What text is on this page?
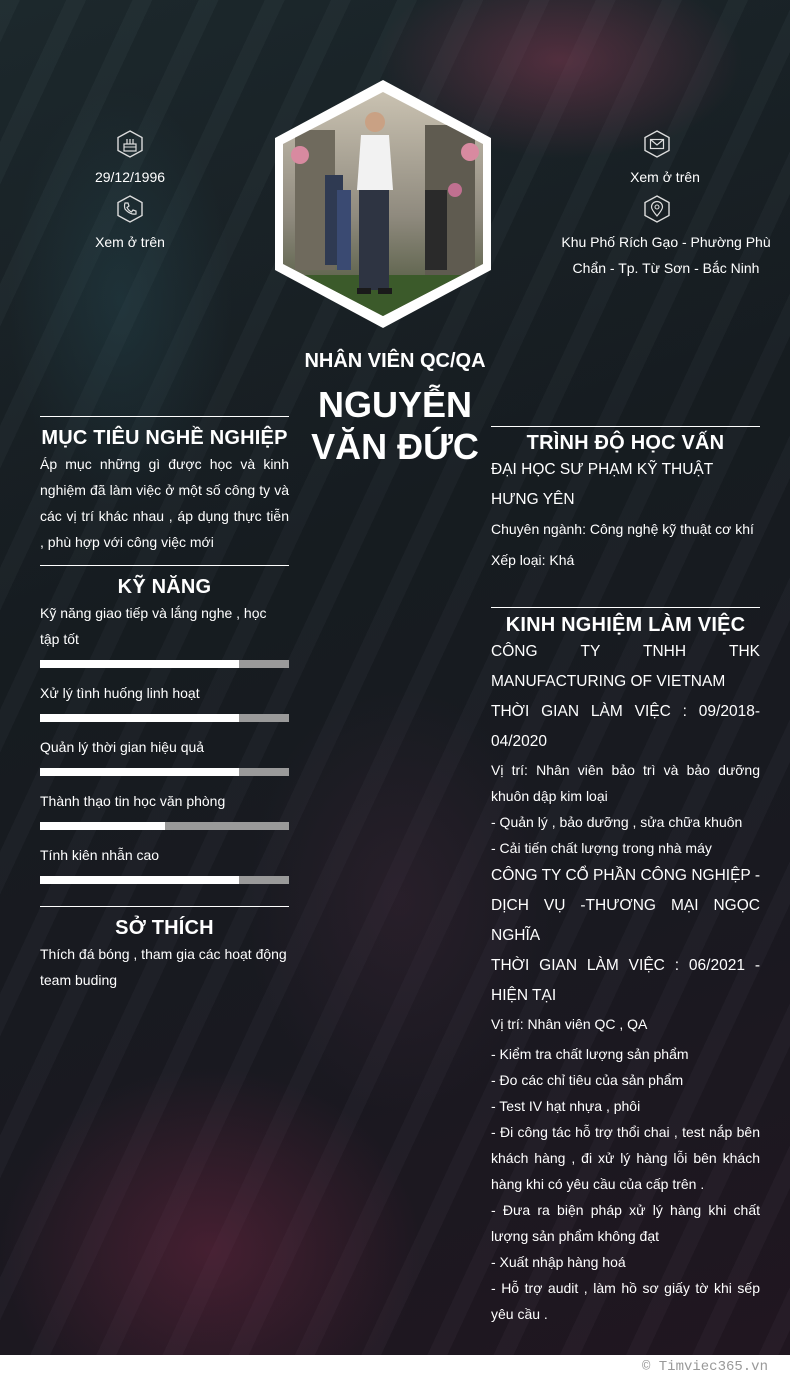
29/12/1996
Xem ở trên
Xem ở trên
Khu Phố Rích Gạo - Phường Phù Chẩn - Tp. Từ Sơn - Bắc Ninh
NHÂN VIÊN QC/QA
NGUYỄN
VĂN ĐỨC
MỤC TIÊU NGHỀ NGHIỆP
Áp mục những gì được học và kinh nghiệm đã làm việc ở một số công ty và các vị trí khác nhau , áp dụng thực tiễn , phù hợp với công việc mới
KỸ NĂNG
Kỹ năng giao tiếp và lắng nghe , học tập tốt
Xử lý tình huống linh hoạt
Quản lý thời gian hiệu quả
Thành thạo tin học văn phòng
Tính kiên nhẫn cao
SỞ THÍCH
Thích đá bóng , tham gia các hoạt động team buding
TRÌNH ĐỘ HỌC VẤN
ĐẠI HỌC SƯ PHẠM KỸ THUẬT HƯNG YÊN
Chuyên ngành: Công nghệ kỹ thuật cơ khí
Xếp loại: Khá
KINH NGHIỆM LÀM VIỆC
CÔNG TY TNHH THK MANUFACTURING OF VIETNAM
THỜI GIAN LÀM VIỆC : 09/2018-04/2020
Vị trí: Nhân viên bảo trì và bảo dưỡng khuôn dập kim loại
- Quản lý , bảo dưỡng , sửa chữa khuôn
- Cải tiến chất lượng trong nhà máy
CÔNG TY CỔ PHẦN CÔNG NGHIỆP - DỊCH VỤ -THƯƠNG MẠI NGỌC NGHĨA
THỜI GIAN LÀM VIỆC : 06/2021 - HIỆN TẠI
Vị trí: Nhân viên QC , QA
- Kiểm tra chất lượng sản phẩm
- Đo các chỉ tiêu của sản phẩm
- Test IV hạt nhựa , phôi
- Đi công tác hỗ trợ thổi chai , test nắp bên khách hàng , đi xử lý hàng lỗi bên khách hàng khi có yêu cầu của cấp trên .
- Đưa ra biện pháp xử lý hàng khi chất lượng sản phẩm không đạt
- Xuất nhập hàng hoá
- Hỗ trợ audit , làm hồ sơ giấy tờ khi sếp yêu cầu .
© Timviec365.vn
